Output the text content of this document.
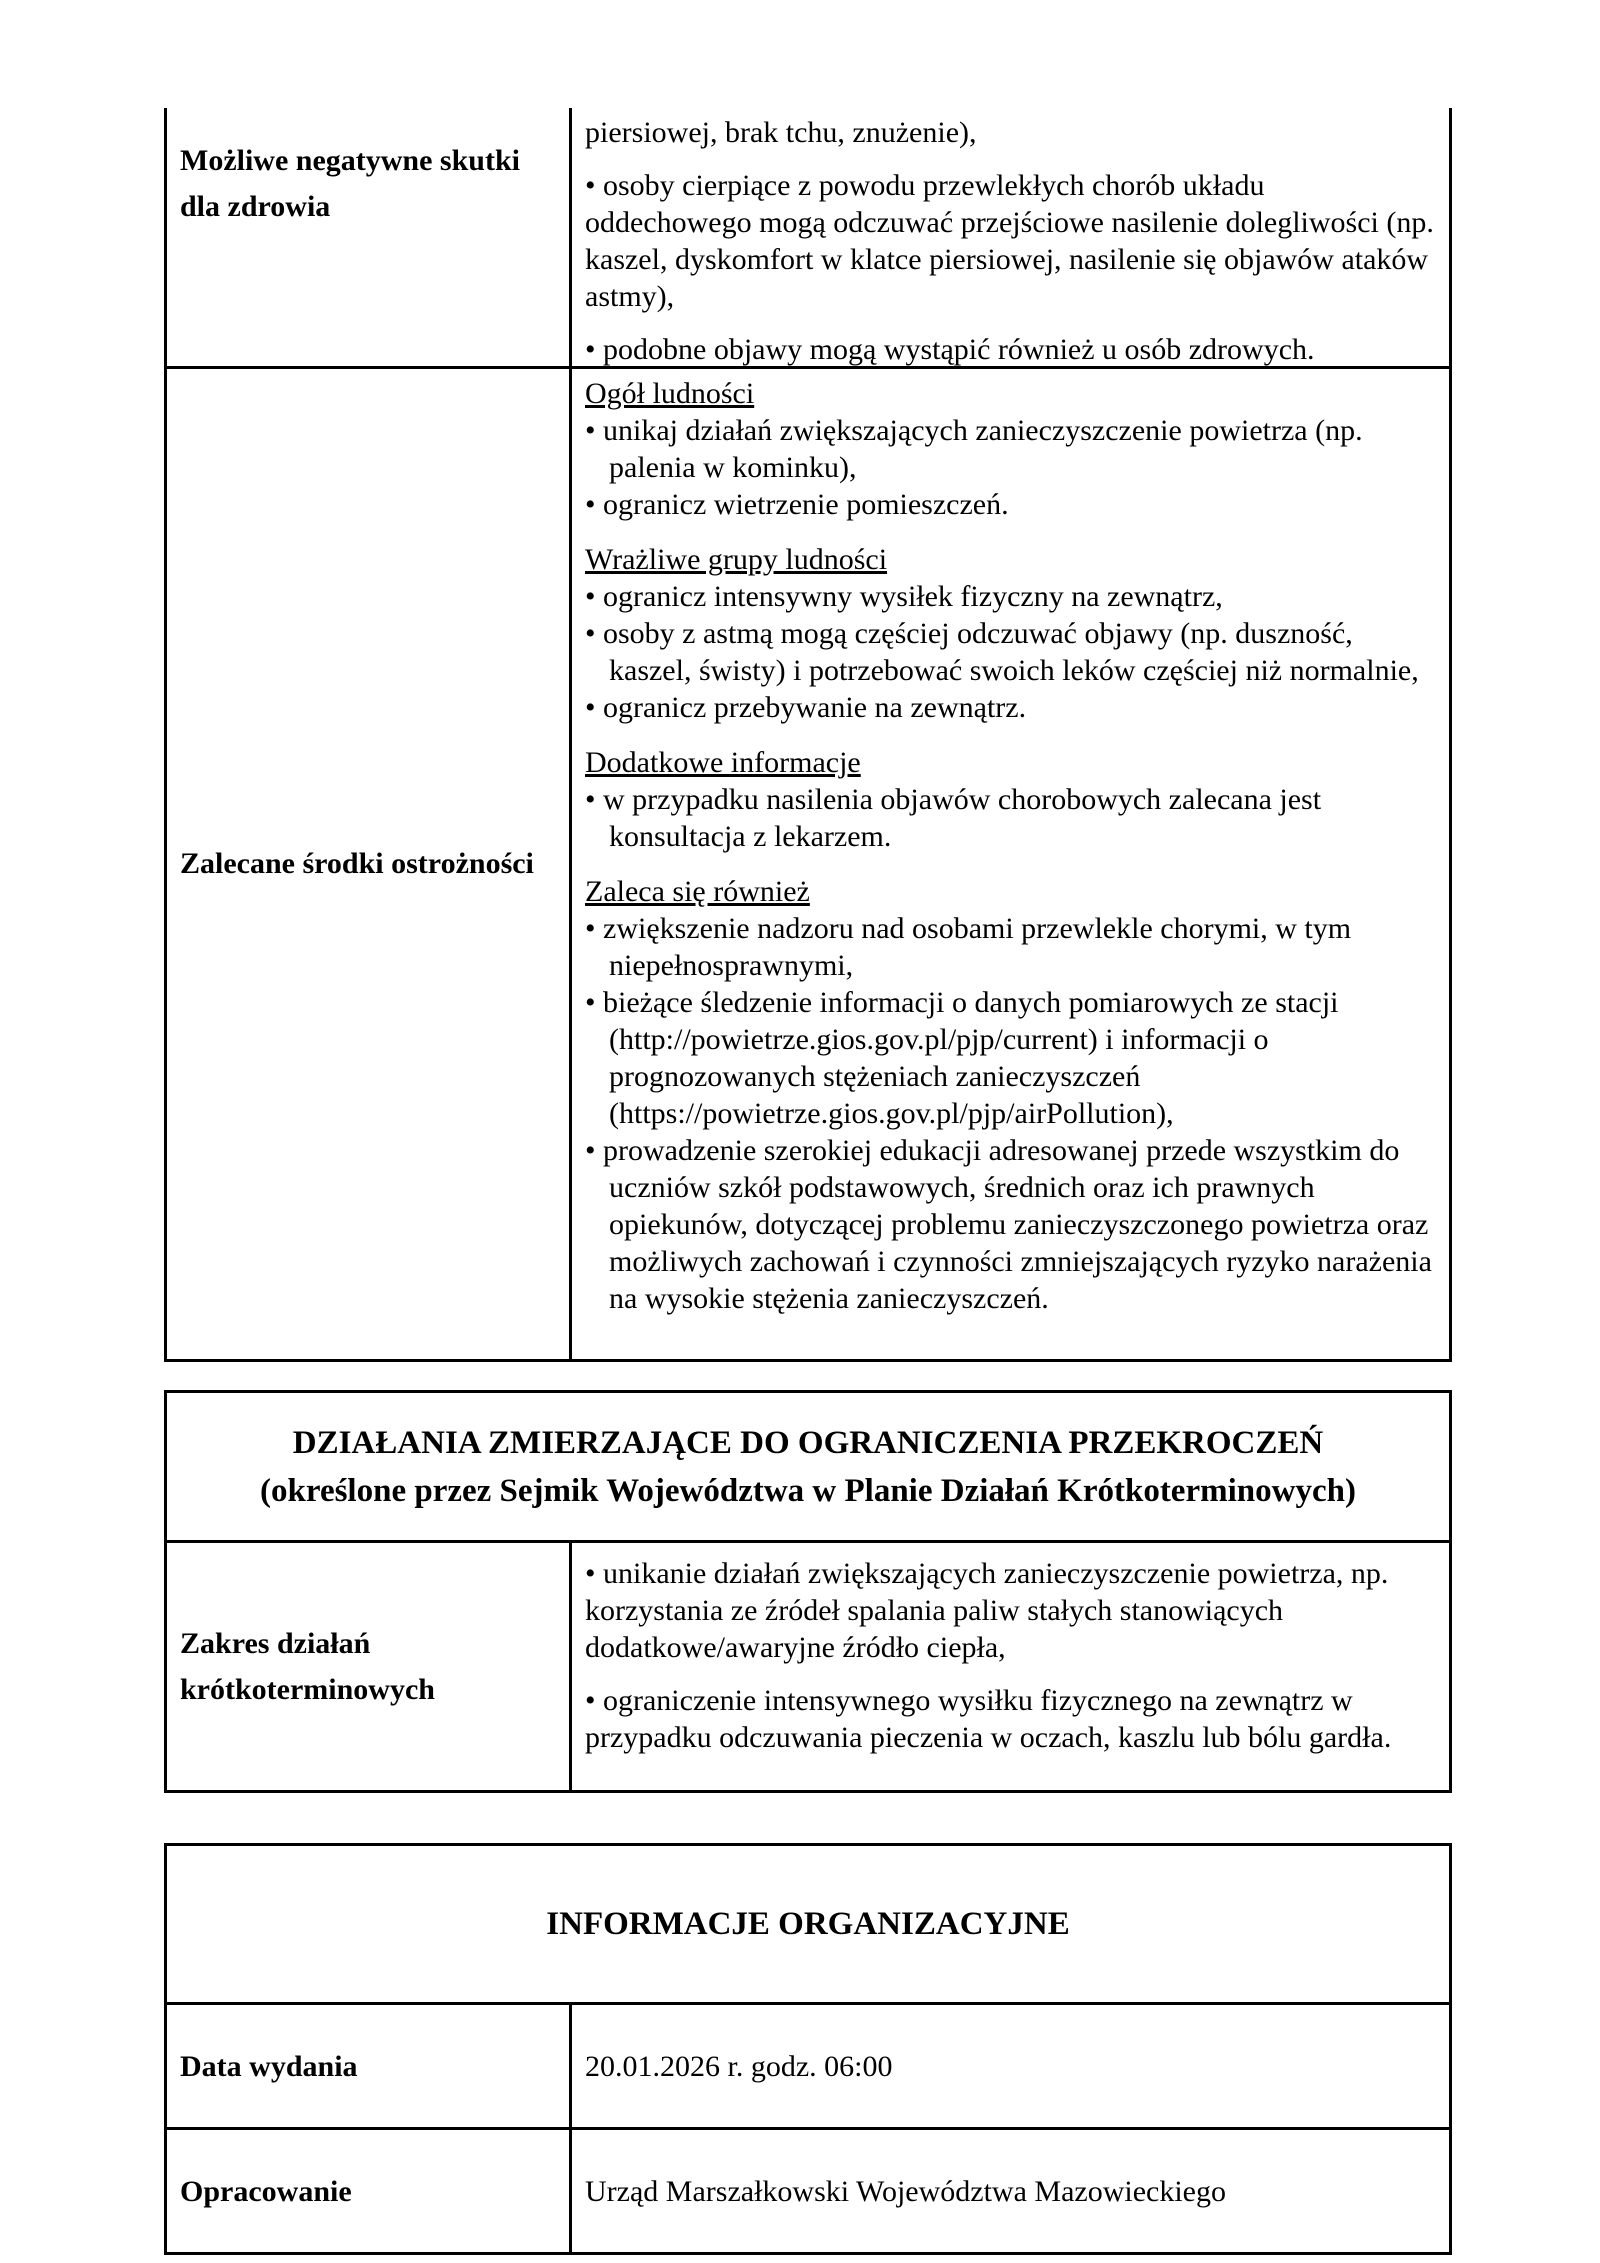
Możliwe negatywne skutki dla zdrowia
piersiowej, brak tchu, znużenie),
• osoby cierpiące z powodu przewlekłych chorób układu oddechowego mogą odczuwać przejściowe nasilenie dolegliwości (np. kaszel, dyskomfort w klatce piersiowej, nasilenie się objawów ataków astmy),
• podobne objawy mogą wystąpić również u osób zdrowych.
Zalecane środki ostrożności
Ogół ludności
• unikaj działań zwiększających zanieczyszczenie powietrza (np. palenia w kominku),
• ogranicz wietrzenie pomieszczeń.
Wrażliwe grupy ludności
• ogranicz intensywny wysiłek fizyczny na zewnątrz,
• osoby z astmą mogą częściej odczuwać objawy (np. duszność, kaszel, świsty) i potrzebować swoich leków częściej niż normalnie,
• ogranicz przebywanie na zewnątrz.
Dodatkowe informacje
• w przypadku nasilenia objawów chorobowych zalecana jest konsultacja z lekarzem.
Zaleca się również
• zwiększenie nadzoru nad osobami przewlekle chorymi, w tym niepełnosprawnymi,
• bieżące śledzenie informacji o danych pomiarowych ze stacji (http://powietrze.gios.gov.pl/pjp/current) i informacji o prognozowanych stężeniach zanieczyszczeń (https://powietrze.gios.gov.pl/pjp/airPollution),
• prowadzenie szerokiej edukacji adresowanej przede wszystkim do uczniów szkół podstawowych, średnich oraz ich prawnych opiekunów, dotyczącej problemu zanieczyszczonego powietrza oraz możliwych zachowań i czynności zmniejszających ryzyko narażenia na wysokie stężenia zanieczyszczeń.
DZIAŁANIA ZMIERZAJĄCE DO OGRANICZENIA PRZEKROCZEŃ
(określone przez Sejmik Województwa w Planie Działań Krótkoterminowych)
Zakres działań krótkoterminowych
• unikanie działań zwiększających zanieczyszczenie powietrza, np. korzystania ze źródeł spalania paliw stałych stanowiących dodatkowe/awaryjne źródło ciepła,
• ograniczenie intensywnego wysiłku fizycznego na zewnątrz w przypadku odczuwania pieczenia w oczach, kaszlu lub bólu gardła.
INFORMACJE ORGANIZACYJNE
Data wydania	20.01.2026 r. godz. 06:00
Opracowanie	Urząd Marszałkowski Województwa Mazowieckiego
